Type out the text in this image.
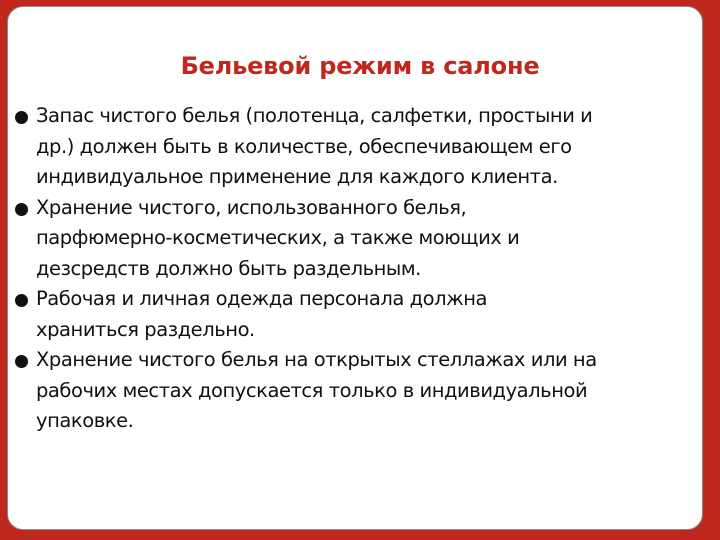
Бельевой режим в салоне
Запас чистого белья (полотенца, салфетки, простыни и
др.) должен быть в количестве, обеспечивающем его
индивидуальное применение для каждого клиента.
Хранение чистого, использованного белья,
парфюмерно-косметических, а также моющих и
дезсредств должно быть раздельным.
Рабочая и личная одежда персонала должна
храниться раздельно.
Хранение чистого белья на открытых стеллажах или на
рабочих местах допускается только в индивидуальной
упаковке.
